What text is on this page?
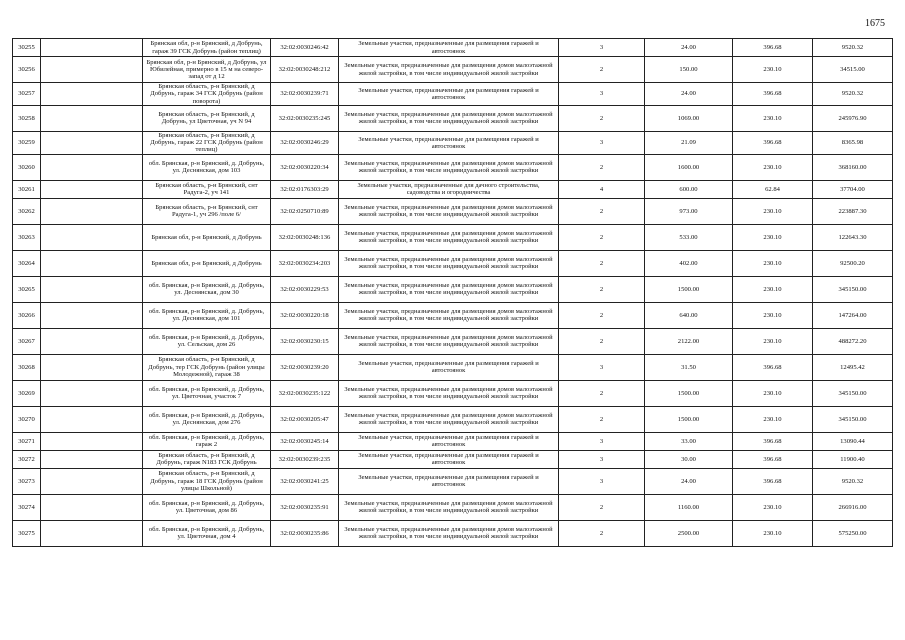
1675
30255		Брянская обл, р-н Брянский, д Добрунь, гараж 39 ГСК Добрунь (район теплиц)	32:02:0030246:42	Земельные участки, предназначенные для размещения гаражей и автостоянок	3	24.00	396.68	9520.32
30256		Брянская обл, р-н Брянский, д Добрунь, ул Юбилейная, примерно в 15 м на северо-запад от д 12	32:02:0030248:212	Земельные участки, предназначенные для размещения домов малоэтажной жилой застройки, в том числе индивидуальной жилой застройки	2	150.00	230.10	34515.00
30257		Брянская область, р-н Брянский, д Добрунь, гараж 34 ГСК Добрунь (район поворота)	32:02:0030239:71	Земельные участки, предназначенные для размещения гаражей и автостоянок	3	24.00	396.68	9520.32
30258		Брянская область, р-н Брянский, д Добрунь, ул Цветочная, уч N 94	32:02:0030235:245	Земельные участки, предназначенные для размещения домов малоэтажной жилой застройки, в том числе индивидуальной жилой застройки	2	1069.00	230.10	245976.90
30259		Брянская область, р-н Брянский, д Добрунь, гараж 22 ГСК Добрунь (район теплиц)	32:02:0030246:29	Земельные участки, предназначенные для размещения гаражей и автостоянок	3	21.09	396.68	8365.98
30260		обл. Брянская, р-н Брянский, д. Добрунь, ул. Деснянская, дом 103	32:02:0030220:34	Земельные участки, предназначенные для размещения домов малоэтажной жилой застройки, в том числе индивидуальной жилой застройки	2	1600.00	230.10	368160.00
30261		Брянская область, р-н Брянский, снт Радуга-2, уч 141	32:02:0176303:29	Земельные участки, предназначенные для дачного строительства, садоводства и огородничества	4	600.00	62.84	37704.00
30262		Брянская область, р-н Брянский, снт Радуга-1, уч 296 /поле 6/	32:02:0250710:89	Земельные участки, предназначенные для размещения домов малоэтажной жилой застройки, в том числе индивидуальной жилой застройки	2	973.00	230.10	223887.30
30263		Брянская обл, р-н Брянский, д Добрунь	32:02:0030248:136	Земельные участки, предназначенные для размещения домов малоэтажной жилой застройки, в том числе индивидуальной жилой застройки	2	533.00	230.10	122643.30
30264		Брянская обл, р-н Брянский, д Добрунь	32:02:0030234:203	Земельные участки, предназначенные для размещения домов малоэтажной жилой застройки, в том числе индивидуальной жилой застройки	2	402.00	230.10	92500.20
30265		обл. Брянская, р-н Брянский, д. Добрунь, ул. Деснянская, дом 30	32:02:0030229:53	Земельные участки, предназначенные для размещения домов малоэтажной жилой застройки, в том числе индивидуальной жилой застройки	2	1500.00	230.10	345150.00
30266		обл. Брянская, р-н Брянский, д. Добрунь, ул. Деснянская, дом 101	32:02:0030220:18	Земельные участки, предназначенные для размещения домов малоэтажной жилой застройки, в том числе индивидуальной жилой застройки	2	640.00	230.10	147264.00
30267		обл. Брянская, р-н Брянский, д. Добрунь, ул. Сельская, дом 26	32:02:0030230:15	Земельные участки, предназначенные для размещения домов малоэтажной жилой застройки, в том числе индивидуальной жилой застройки	2	2122.00	230.10	488272.20
30268		Брянская область, р-н Брянский, д Добрунь, тер ГСК Добрунь (район улицы Молодежной), гараж 38	32:02:0030239:20	Земельные участки, предназначенные для размещения гаражей и автостоянок	3	31.50	396.68	12495.42
30269		обл. Брянская, р-н Брянский, д. Добрунь, ул. Цветочная, участок 7	32:02:0030235:122	Земельные участки, предназначенные для размещения домов малоэтажной жилой застройки, в том числе индивидуальной жилой застройки	2	1500.00	230.10	345150.00
30270		обл. Брянская, р-н Брянский, д. Добрунь, ул. Деснянская, дом 276	32:02:0030205:47	Земельные участки, предназначенные для размещения домов малоэтажной жилой застройки, в том числе индивидуальной жилой застройки	2	1500.00	230.10	345150.00
30271		обл. Брянская, р-н Брянский, д. Добрунь, гараж 2	32:02:0030245:14	Земельные участки, предназначенные для размещения гаражей и автостоянок	3	33.00	396.68	13090.44
30272		Брянская область, р-н Брянский, д Добрунь, гараж N183 ГСК Добрунь	32:02:0030239:235	Земельные участки, предназначенные для размещения гаражей и автостоянок	3	30.00	396.68	11900.40
30273		Брянская область, р-н Брянский, д Добрунь, гараж 18 ГСК Добрунь (район улицы Школьной)	32:02:0030241:25	Земельные участки, предназначенные для размещения гаражей и автостоянок	3	24.00	396.68	9520.32
30274		обл. Брянская, р-н Брянский, д. Добрунь, ул. Цветочная, дом 86	32:02:0030235:91	Земельные участки, предназначенные для размещения домов малоэтажной жилой застройки, в том числе индивидуальной жилой застройки	2	1160.00	230.10	266916.00
30275		обл. Брянская, р-н Брянский, д. Добрунь, ул. Цветочная, дом 4	32:02:0030235:86	Земельные участки, предназначенные для размещения домов малоэтажной жилой застройки, в том числе индивидуальной жилой застройки	2	2500.00	230.10	575250.00
